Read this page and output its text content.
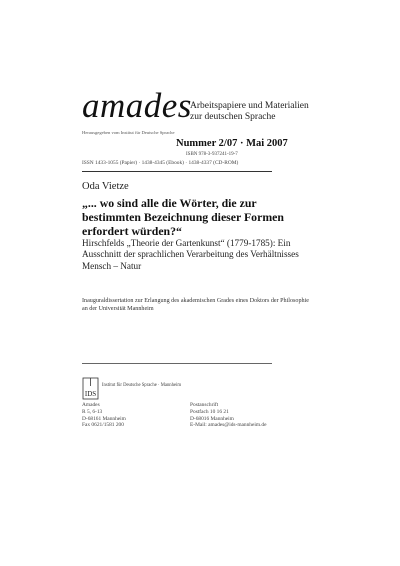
amades
Arbeitspapiere und Materialien zur deutschen Sprache
Herausgegeben vom Institut für Deutsche Sprache
Nummer 2/07 · Mai 2007
ISBN 978-3-937241-19-7
ISSN 1433-1055 (Papier) · 1438-4345 (Ebook) · 1438-4337 (CD-ROM)
Oda Vietze
„... wo sind alle die Wörter, die zur bestimmten Bezeichnung dieser Formen erfordert würden?“
Hirschfelds „Theorie der Gartenkunst“ (1779-1785): Ein Ausschnitt der sprachlichen Verarbeitung des Verhältnisses Mensch – Natur
Inauguraldissertation zur Erlangung des akademischen Grades eines Doktors der Philosophie an der Universität Mannheim
IDS
Institut für Deutsche Sprache · Mannheim
Amades
R 5, 6-13
D-68161 Mannheim
Fax 0621/1581 200
Postanschrift
Postfach 10 16 21
D-68016 Mannheim
E-Mail: amades@ids-mannheim.de
